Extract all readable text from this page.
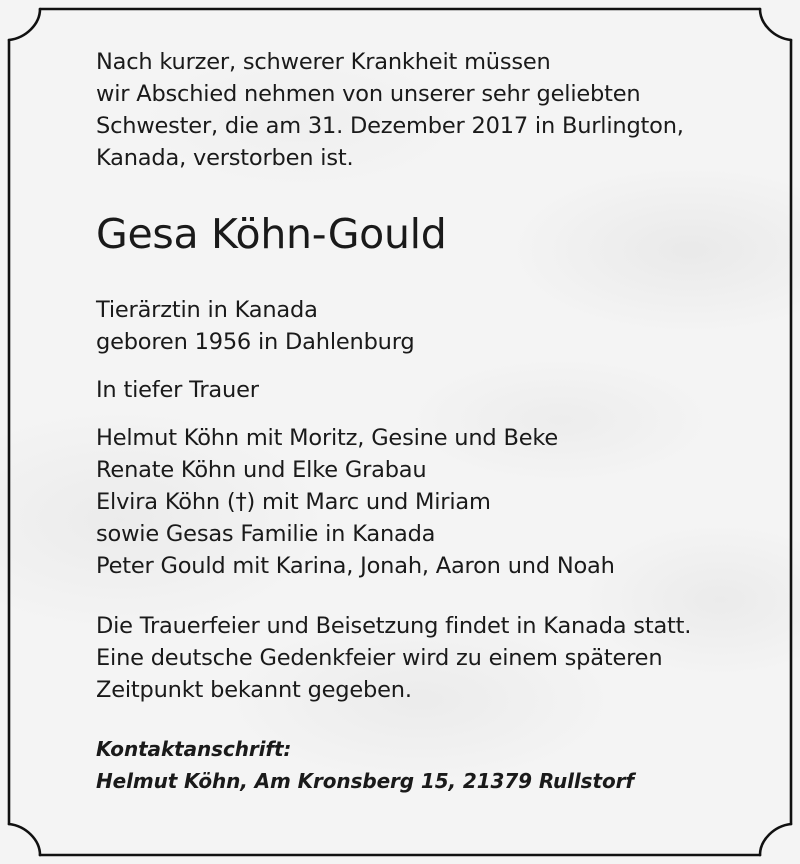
Nach kurzer, schwerer Krankheit müssen

wir Abschied nehmen von unserer sehr geliebten

Schwester, die am 31. Dezember 2017 in Burlington,

Kanada, verstorben ist.

Gesa Köhn-Gould

Tierärztin in Kanada

geboren 1956 in Dahlenburg

In tiefer Trauer

Helmut Köhn mit Moritz, Gesine und Beke

Renate Köhn und Elke Grabau

Elvira Köhn (†) mit Marc und Miriam

sowie Gesas Familie in Kanada

Peter Gould mit Karina, Jonah, Aaron und Noah

Die Trauerfeier und Beisetzung findet in Kanada statt.

Eine deutsche Gedenkfeier wird zu einem späteren

Zeitpunkt bekannt gegeben.

Kontaktanschrift:

Helmut Köhn, Am Kronsberg 15, 21379 Rullstorf
